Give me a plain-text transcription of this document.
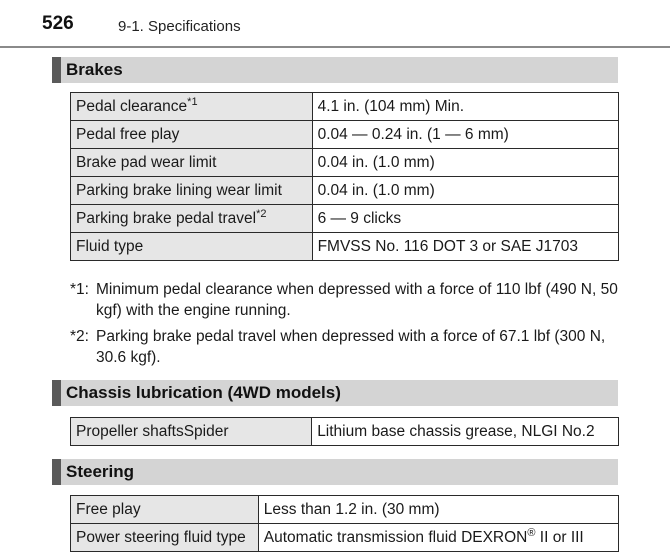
526	9-1. Specifications
Brakes
Pedal clearance$^{*1}$	4.1 in. (104 mm) Min.
Pedal free play	0.04 — 0.24 in. (1 — 6 mm)
Brake pad wear limit	0.04 in. (1.0 mm)
Parking brake lining wear limit	0.04 in. (1.0 mm)
Parking brake pedal travel$^{*2}$	6 — 9 clicks
Fluid type	FMVSS No. 116 DOT 3 or SAE J1703
*1: Minimum pedal clearance when depressed with a force of 110 lbf (490 N, 50 kgf) with the engine running.
*2: Parking brake pedal travel when depressed with a force of 67.1 lbf (300 N, 30.6 kgf).
Chassis lubrication (4WD models)
Propeller shaftsSpider	Lithium base chassis grease, NLGI No.2
Steering
Free play	Less than 1.2 in. (30 mm)
Power steering fluid type	Automatic transmission fluid DEXRON® II or III
